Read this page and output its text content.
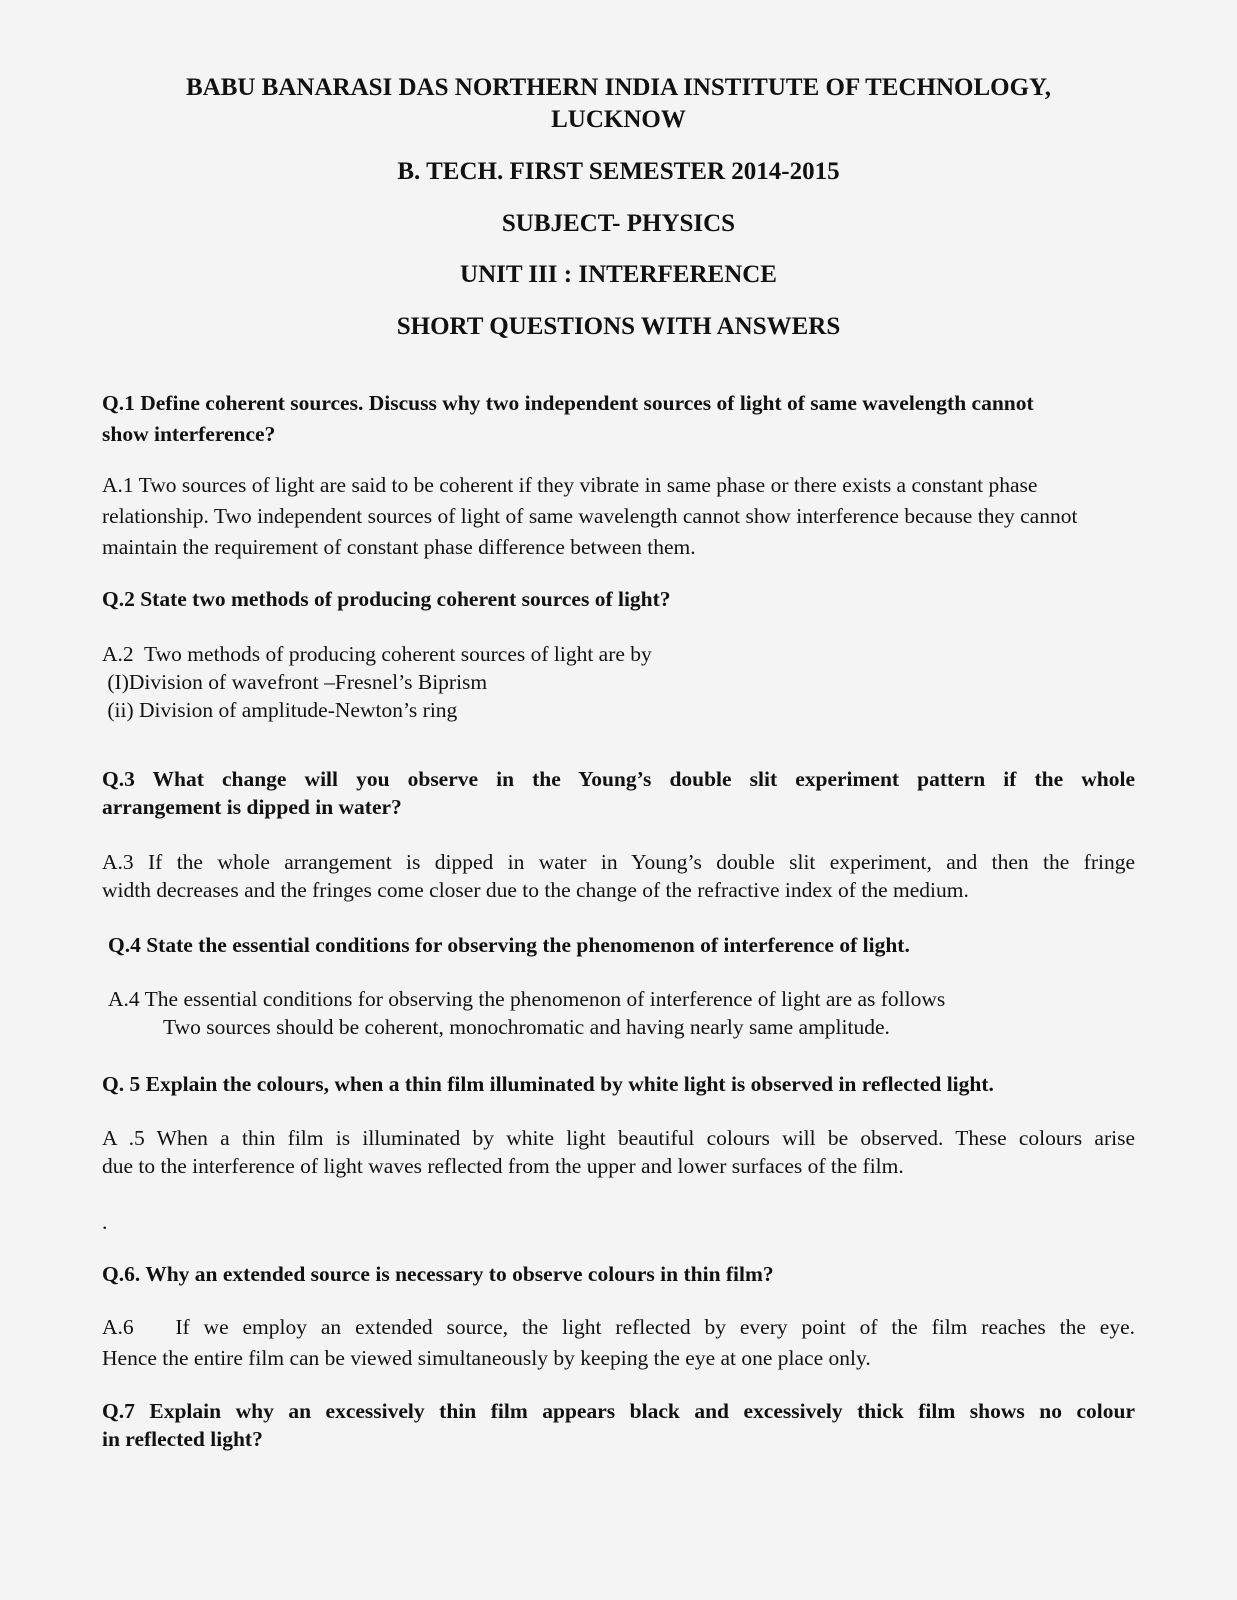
BABU BANARASI DAS NORTHERN INDIA INSTITUTE OF TECHNOLOGY,
LUCKNOW
B. TECH. FIRST SEMESTER 2014-2015
SUBJECT- PHYSICS
UNIT III : INTERFERENCE
SHORT QUESTIONS WITH ANSWERS

Q.1 Define coherent sources. Discuss why two independent sources of light of same wavelength cannot show interference?

A.1 Two sources of light are said to be coherent if they vibrate in same phase or there exists a constant phase relationship. Two independent sources of light of same wavelength cannot show interference because they cannot maintain the requirement of constant phase difference between them.

Q.2 State two methods of producing coherent sources of light?

A.2  Two methods of producing coherent sources of light are by
(I)Division of wavefront –Fresnel’s Biprism
(ii) Division of amplitude-Newton’s ring
Q.3 What change will you observe in the Young’s double slit experiment pattern if the whole
arrangement is dipped in water?
A.3 If the whole arrangement is dipped in water in Young’s double slit experiment, and then the fringe
width decreases and the fringes come closer due to the change of the refractive index of the medium.

Q.4 State the essential conditions for observing the phenomenon of interference of light.

A.4 The essential conditions for observing the phenomenon of interference of light are as follows
Two sources should be coherent, monochromatic and having nearly same amplitude.

Q. 5 Explain the colours, when a thin film illuminated by white light is observed in reflected light.

A .5 When a thin film is illuminated by white light beautiful colours will be observed. These colours arise
due to the interference of light waves reflected from the upper and lower surfaces of the film.

.

Q.6. Why an extended source is necessary to observe colours in thin film?

A.6   If we employ an extended source, the light reflected by every point of the film reaches the eye.
Hence the entire film can be viewed simultaneously by keeping the eye at one place only.
Q.7 Explain why an excessively thin film appears black and excessively thick film shows no colour
in reflected light?
